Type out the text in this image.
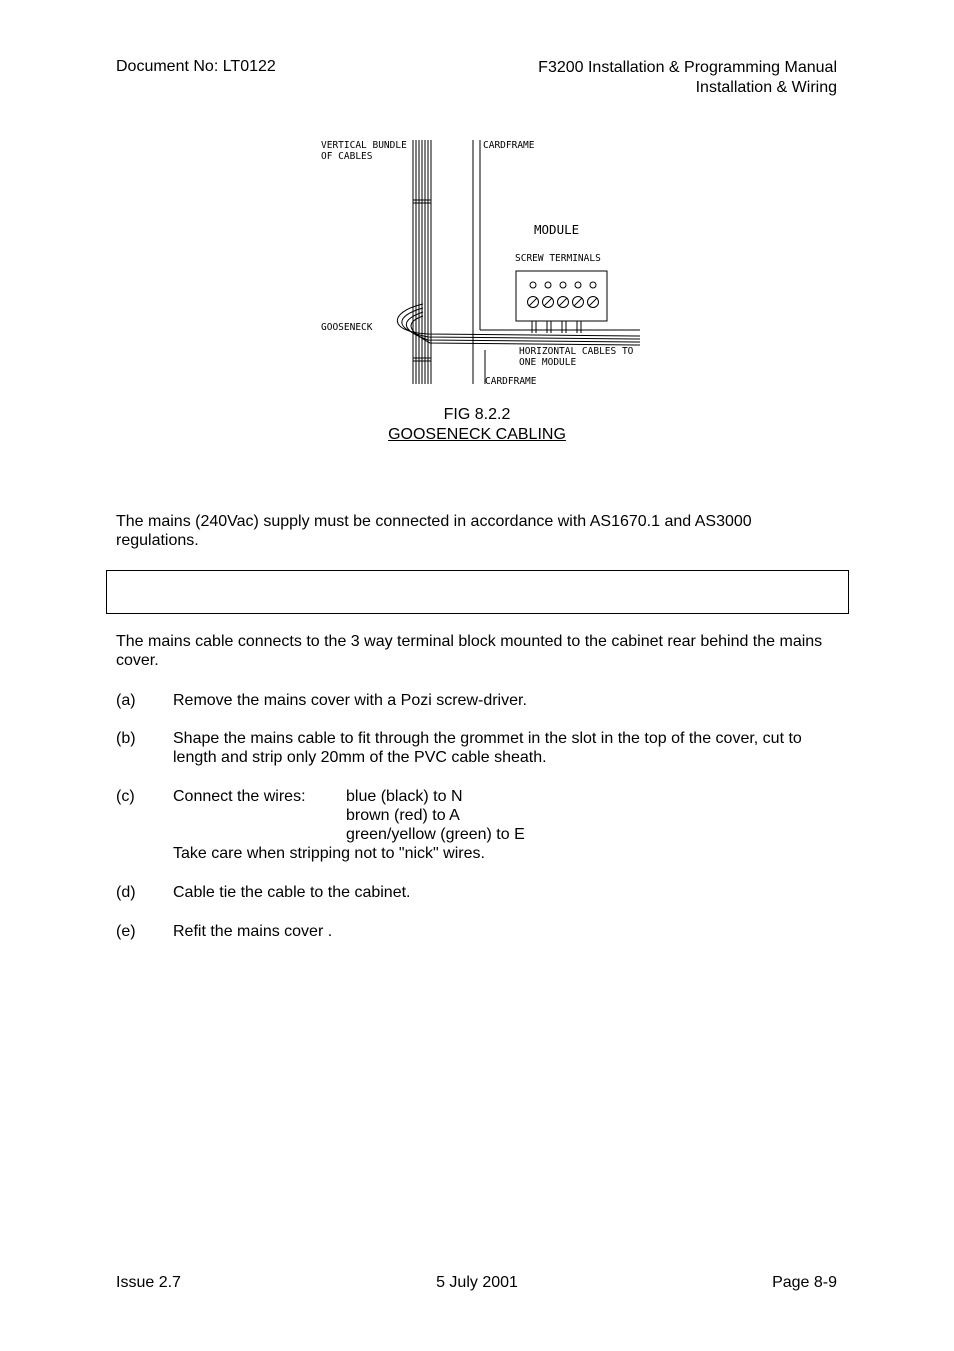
Document No: LT0122	F3200 Installation & Programming Manual
Installation & Wiring
VERTICAL BUNDLE
OF CABLES
CARDFRAME
MODULE
SCREW TERMINALS
GOOSENECK
HORIZONTAL CABLES TO
ONE MODULE
CARDFRAME
FIG 8.2.2
GOOSENECK CABLING
The mains (240Vac) supply must be connected in accordance with AS1670.1 and AS3000 regulations.
The mains cable connects to the 3 way terminal block mounted to the cabinet rear behind the mains cover.
(a) Remove the mains cover with a Pozi screw-driver.
(b) Shape the mains cable to fit through the grommet in the slot in the top of the cover, cut to length and strip only 20mm of the PVC cable sheath.
(c) Connect the wires:	blue (black) to N
brown (red) to A
green/yellow (green) to E
Take care when stripping not to "nick" wires.
(d) Cable tie the cable to the cabinet.
(e) Refit the mains cover .
Issue 2.7	5 July 2001	Page 8-9
